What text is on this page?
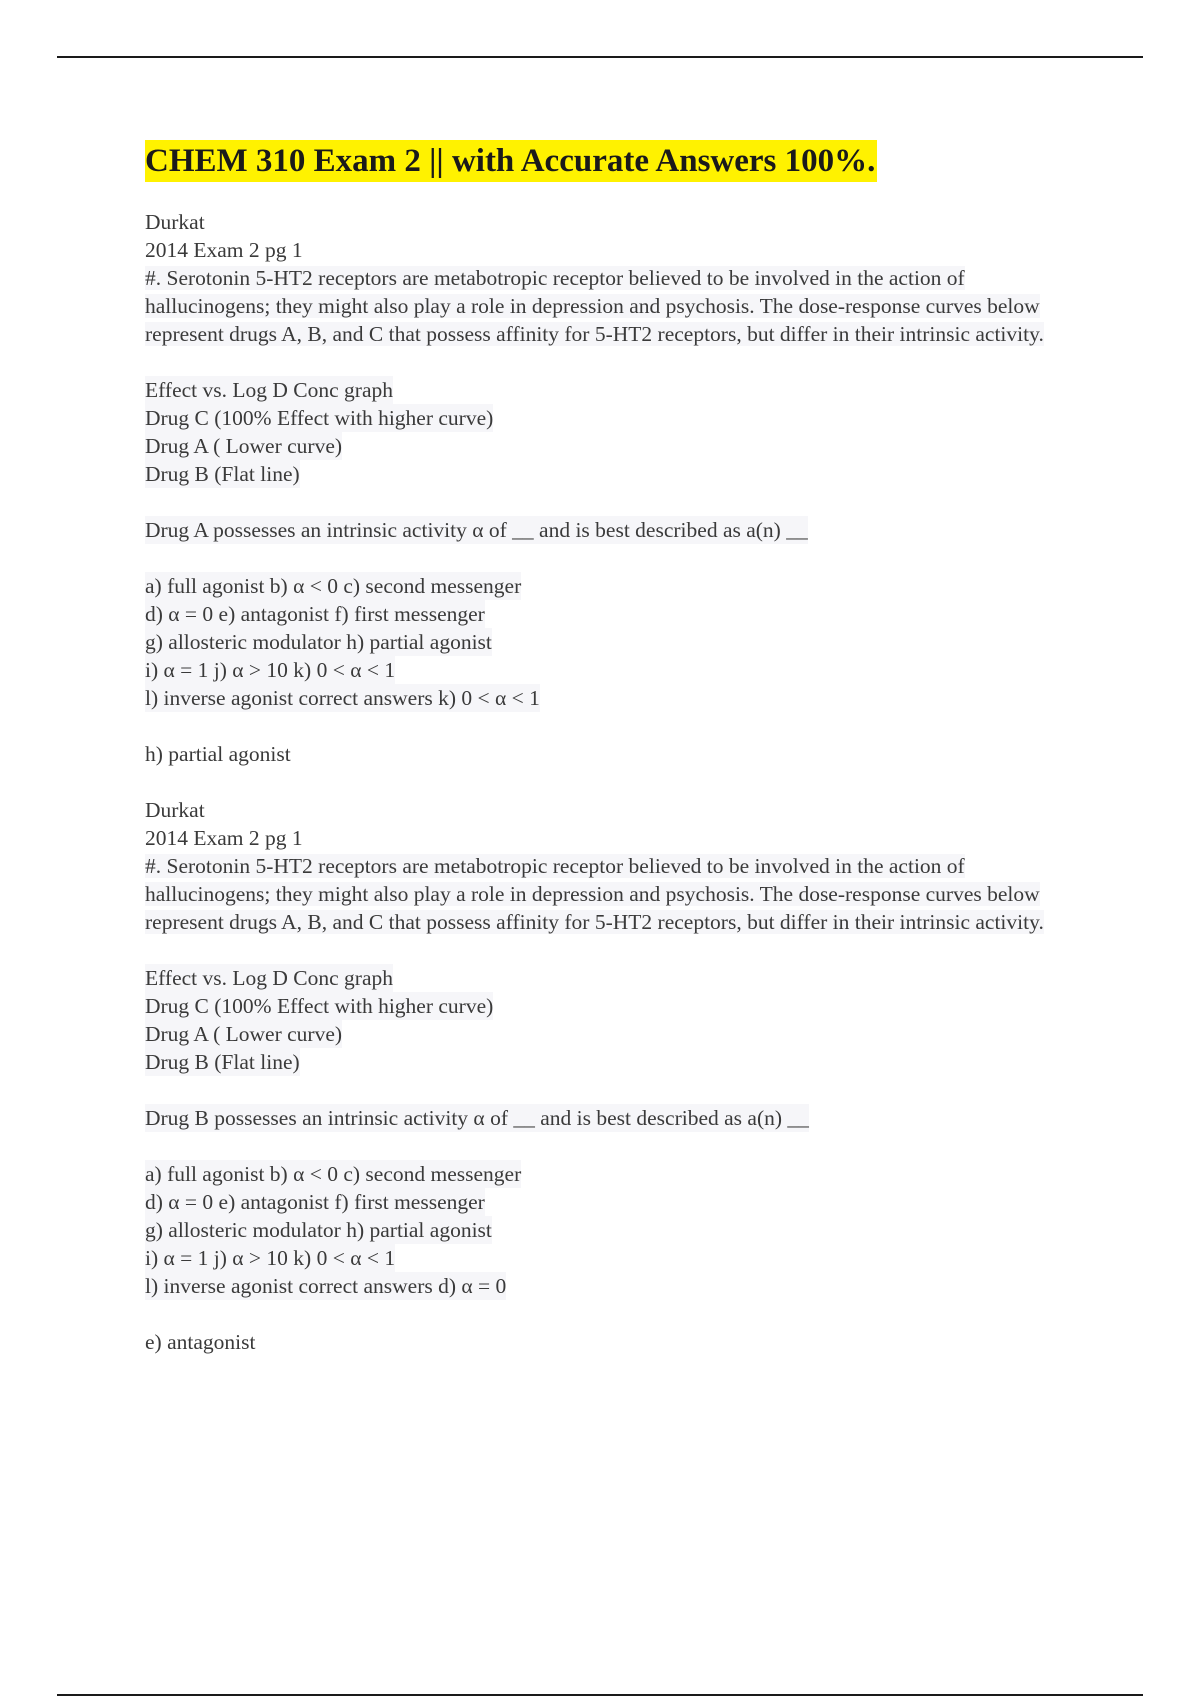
CHEM 310 Exam 2 || with Accurate Answers 100%.

Durkat

2014 Exam 2 pg 1

#. Serotonin 5-HT2 receptors are metabotropic receptor believed to be involved in the action of hallucinogens; they might also play a role in depression and psychosis. The dose-response curves below represent drugs A, B, and C that possess affinity for 5-HT2 receptors, but differ in their intrinsic activity.

Effect vs. Log D Conc graph

Drug C (100% Effect with higher curve)

Drug A ( Lower curve)

Drug B (Flat line)

Drug A possesses an intrinsic activity α of __ and is best described as a(n) __

a) full agonist b) α < 0 c) second messenger

d) α = 0 e) antagonist f) first messenger

g) allosteric modulator h) partial agonist

i) α = 1 j) α > 10 k) 0 < α < 1

l) inverse agonist correct answers k) 0 < α < 1

h) partial agonist

Durkat

2014 Exam 2 pg 1

#. Serotonin 5-HT2 receptors are metabotropic receptor believed to be involved in the action of hallucinogens; they might also play a role in depression and psychosis. The dose-response curves below represent drugs A, B, and C that possess affinity for 5-HT2 receptors, but differ in their intrinsic activity.

Effect vs. Log D Conc graph

Drug C (100% Effect with higher curve)

Drug A ( Lower curve)

Drug B (Flat line)

Drug B possesses an intrinsic activity α of __ and is best described as a(n) __

a) full agonist b) α < 0 c) second messenger

d) α = 0 e) antagonist f) first messenger

g) allosteric modulator h) partial agonist

i) α = 1 j) α > 10 k) 0 < α < 1

l) inverse agonist correct answers d) α = 0

e) antagonist
